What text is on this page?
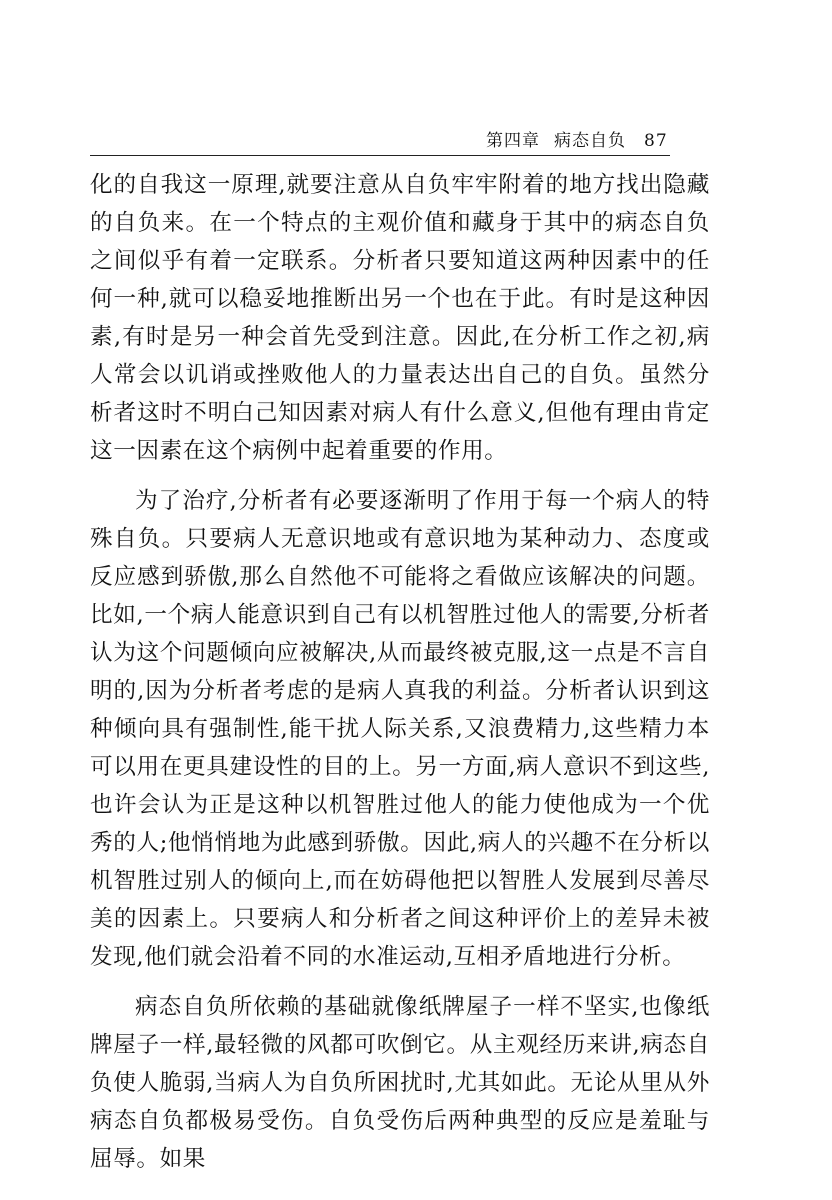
第四章 病态自负 87

化的自我这一原理,就要注意从自负牢牢附着的地方找出隐藏的自负来。在一个特点的主观价值和藏身于其中的病态自负之间似乎有着一定联系。分析者只要知道这两种因素中的任何一种,就可以稳妥地推断出另一个也在于此。有时是这种因素,有时是另一种会首先受到注意。因此,在分析工作之初,病人常会以讥诮或挫败他人的力量表达出自己的自负。虽然分析者这时不明白己知因素对病人有什么意义,但他有理由肯定这一因素在这个病例中起着重要的作用。

为了治疗,分析者有必要逐渐明了作用于每一个病人的特殊自负。只要病人无意识地或有意识地为某种动力、态度或反应感到骄傲,那么自然他不可能将之看做应该解决的问题。比如,一个病人能意识到自己有以机智胜过他人的需要,分析者认为这个问题倾向应被解决,从而最终被克服,这一点是不言自明的,因为分析者考虑的是病人真我的利益。分析者认识到这种倾向具有强制性,能干扰人际关系,又浪费精力,这些精力本可以用在更具建设性的目的上。另一方面,病人意识不到这些,也许会认为正是这种以机智胜过他人的能力使他成为一个优秀的人;他悄悄地为此感到骄傲。因此,病人的兴趣不在分析以机智胜过别人的倾向上,而在妨碍他把以智胜人发展到尽善尽美的因素上。只要病人和分析者之间这种评价上的差异未被发现,他们就会沿着不同的水准运动,互相矛盾地进行分析。

病态自负所依赖的基础就像纸牌屋子一样不坚实,也像纸牌屋子一样,最轻微的风都可吹倒它。从主观经历来讲,病态自负使人脆弱,当病人为自负所困扰时,尤其如此。无论从里从外病态自负都极易受伤。自负受伤后两种典型的反应是羞耻与屈辱。如果
